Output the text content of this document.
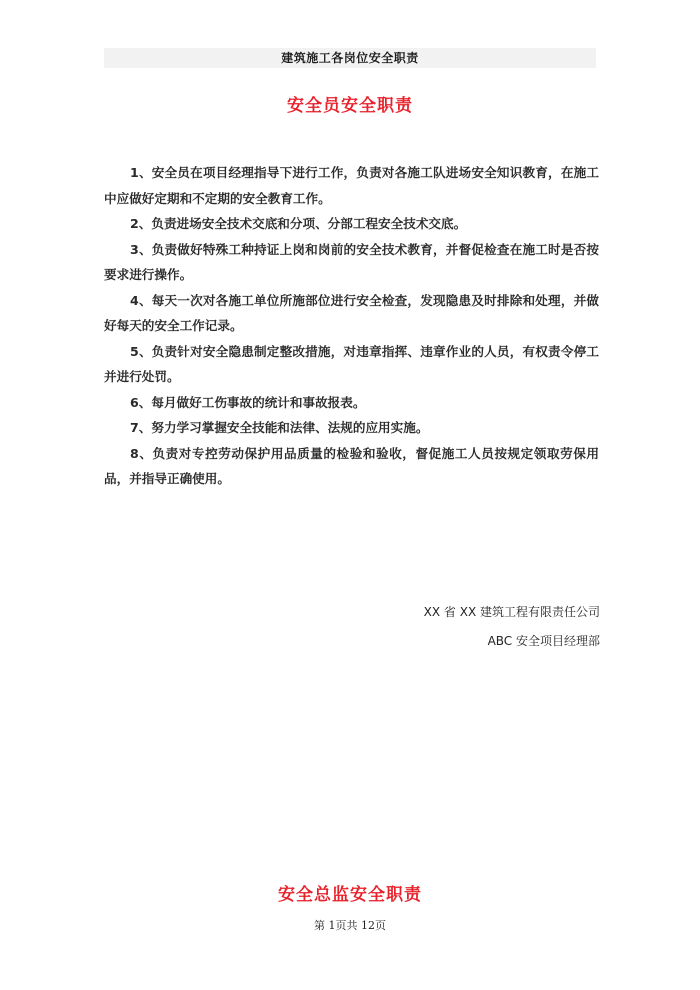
建筑施工各岗位安全职责
安全员安全职责
1、安全员在项目经理指导下进行工作，负责对各施工队进场安全知识教育，在施工中应做好定期和不定期的安全教育工作。
2、负责进场安全技术交底和分项、分部工程安全技术交底。
3、负责做好特殊工种持证上岗和岗前的安全技术教育，并督促检查在施工时是否按要求进行操作。
4、每天一次对各施工单位所施部位进行安全检查，发现隐患及时排除和处理，并做好每天的安全工作记录。
5、负责针对安全隐患制定整改措施，对违章指挥、违章作业的人员，有权责令停工并进行处罚。
6、每月做好工伤事故的统计和事故报表。
7、努力学习掌握安全技能和法律、法规的应用实施。
8、负责对专控劳动保护用品质量的检验和验收，督促施工人员按规定领取劳保用品，并指导正确使用。
XX 省 XX 建筑工程有限责任公司
ABC 安全项目经理部
安全总监安全职责
第 1页共 12页
